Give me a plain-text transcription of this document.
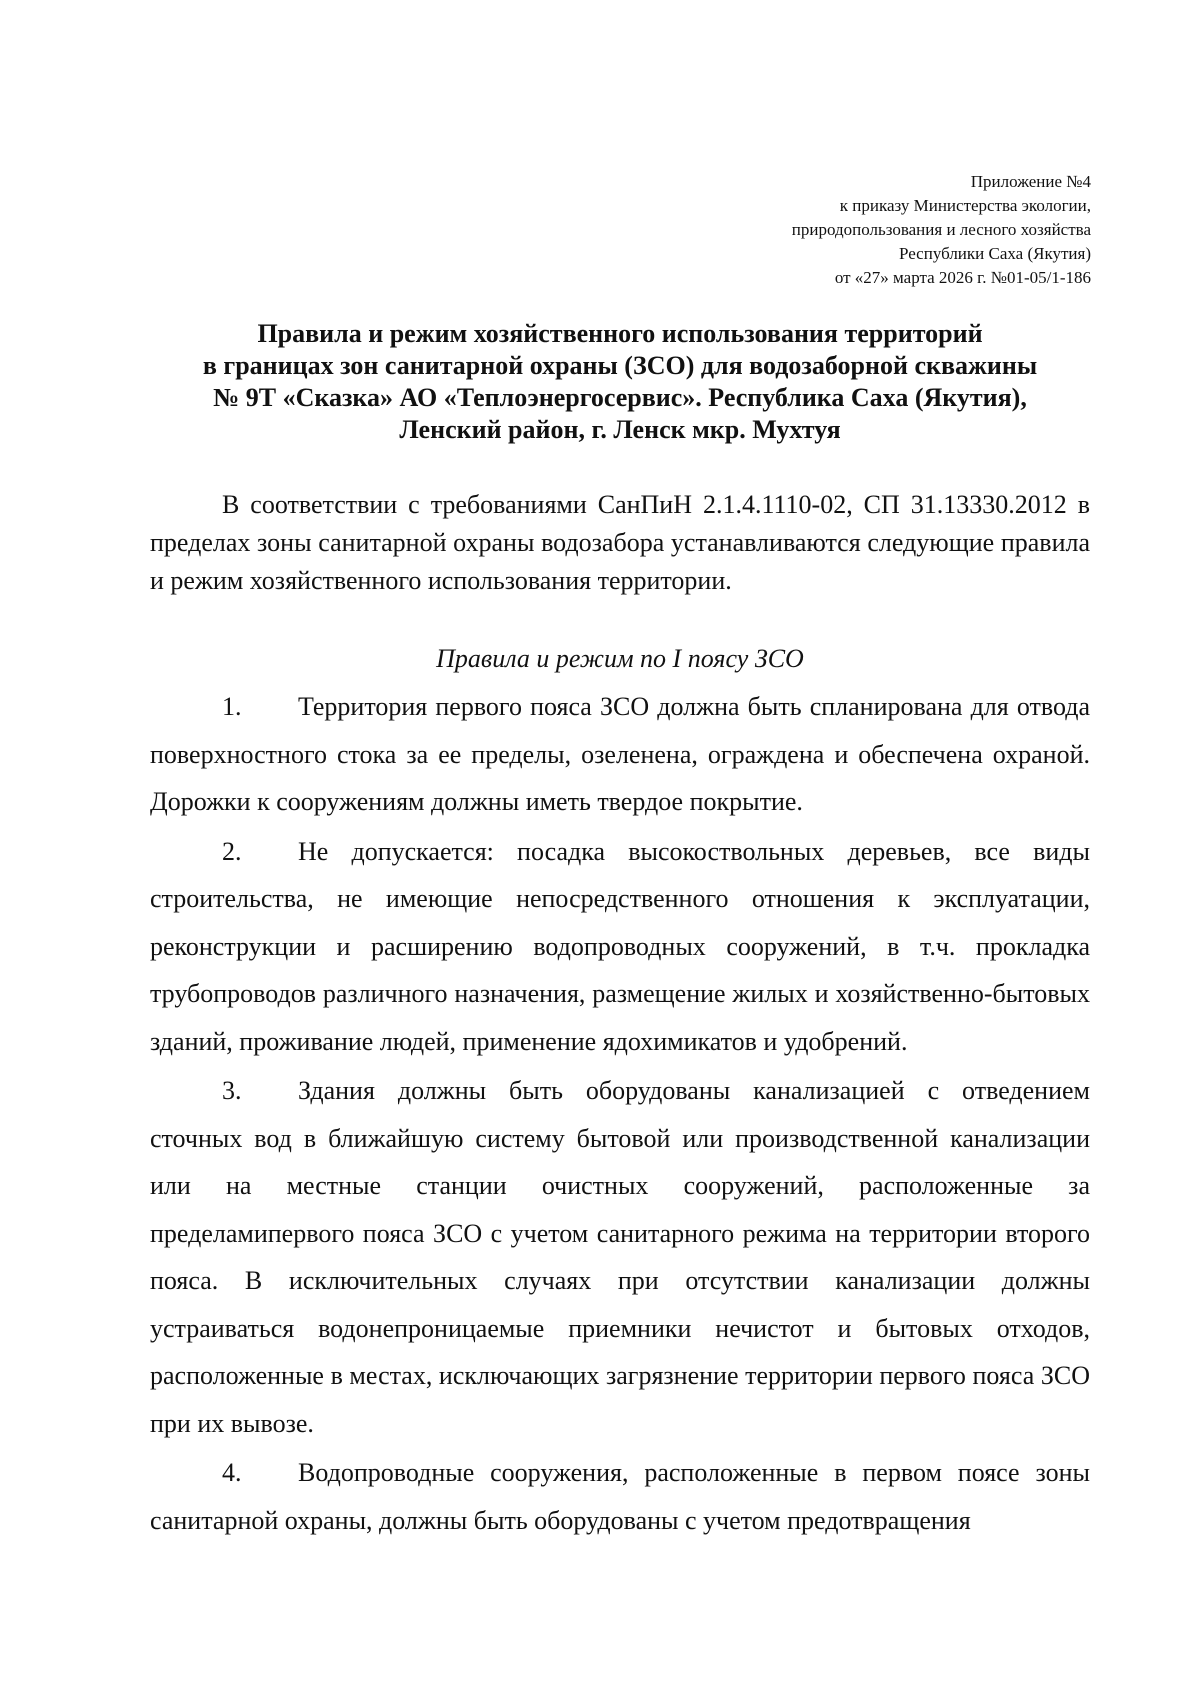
Приложение №4
к приказу Министерства экологии,
природопользования и лесного хозяйства
Республики Саха (Якутия)
от «27» марта 2026 г. №01-05/1-186
Правила и режим хозяйственного использования территорий
в границах зон санитарной охраны (ЗСО) для водозаборной скважины
№ 9Т «Сказка» АО «Теплоэнергосервис». Республика Саха (Якутия),
Ленский район, г. Ленск мкр. Мухтуя

В соответствии с требованиями СанПиН 2.1.4.1110-02, СП 31.13330.2012 в пределах зоны санитарной охраны водозабора устанавливаются следующие правила и режим хозяйственного использования территории.

Правила и режим по I поясу ЗСО

1. Территория первого пояса ЗСО должна быть спланирована для отвода поверхностного стока за ее пределы, озеленена, ограждена и обеспечена охраной. Дорожки к сооружениям должны иметь твердое покрытие.

2. Не допускается: посадка высокоствольных деревьев, все виды строительства, не имеющие непосредственного отношения к эксплуатации, реконструкции и расширению водопроводных сооружений, в т.ч. прокладка трубопроводов различного назначения, размещение жилых и хозяйственно-бытовых зданий, проживание людей, применение ядохимикатов и удобрений.

3. Здания должны быть оборудованы канализацией с отведением сточных вод в ближайшую систему бытовой или производственной канализации или на местные станции очистных сооружений, расположенные за пределамипервого пояса ЗСО с учетом санитарного режима на территории второго пояса. В исключительных случаях при отсутствии канализации должны устраиваться водонепроницаемые приемники нечистот и бытовых отходов, расположенные в местах, исключающих загрязнение территории первого пояса ЗСО при их вывозе.

4. Водопроводные сооружения, расположенные в первом поясе зоны санитарной охраны, должны быть оборудованы с учетом предотвращения
